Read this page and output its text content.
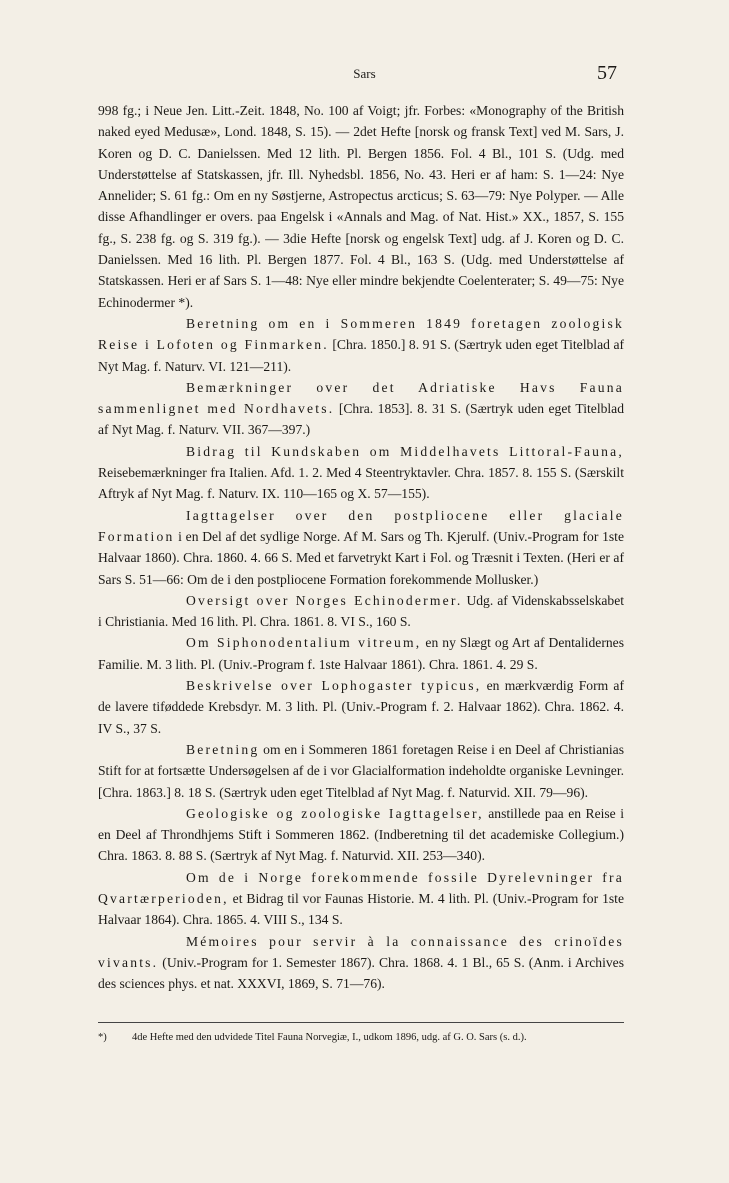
Sars	57

998 fg.; i Neue Jen. Litt.-Zeit. 1848, No. 100 af Voigt; jfr. Forbes: «Monography of the British naked eyed Medusæ», Lond. 1848, S. 15). — 2det Hefte [norsk og fransk Text] ved M. Sars, J. Koren og D. C. Danielssen. Med 12 lith. Pl. Bergen 1856. Fol. 4 Bl., 101 S. (Udg. med Understøttelse af Statskassen, jfr. Ill. Nyhedsbl. 1856, No. 43. Heri er af ham: S. 1—24: Nye Annelider; S. 61 fg.: Om en ny Søstjerne, Astropectus arcticus; S. 63—79: Nye Polyper. — Alle disse Afhandlinger er overs. paa Engelsk i «Annals and Mag. of Nat. Hist.» XX., 1857, S. 155 fg., S. 238 fg. og S. 319 fg.). — 3die Hefte [norsk og engelsk Text] udg. af J. Koren og D. C. Danielssen. Med 16 lith. Pl. Bergen 1877. Fol. 4 Bl., 163 S. (Udg. med Understøttelse af Statskassen. Heri er af Sars S. 1—48: Nye eller mindre bekjendte Coelenterater; S. 49—75: Nye Echinodermer *).

Beretning om en i Sommeren 1849 foretagen zoologisk Reise i Lofoten og Finmarken. [Chra. 1850.] 8. 91 S. (Særtryk uden eget Titelblad af Nyt Mag. f. Naturv. VI. 121—211).

Bemærkninger over det Adriatiske Havs Fauna sammenlignet med Nordhavets. [Chra. 1853]. 8. 31 S. (Særtryk uden eget Titelblad af Nyt Mag. f. Naturv. VII. 367—397.)

Bidrag til Kundskaben om Middelhavets Littoral-Fauna, Reisebemærkninger fra Italien. Afd. 1. 2. Med 4 Steentryktavler. Chra. 1857. 8. 155 S. (Særskilt Aftryk af Nyt Mag. f. Naturv. IX. 110—165 og X. 57—155).

Iagttagelser over den postpliocene eller glaciale Formation i en Del af det sydlige Norge. Af M. Sars og Th. Kjerulf. (Univ.-Program for 1ste Halvaar 1860). Chra. 1860. 4. 66 S. Med et farvetrykt Kart i Fol. og Træsnit i Texten. (Heri er af Sars S. 51—66: Om de i den postpliocene Formation forekommende Mollusker.)

Oversigt over Norges Echinodermer. Udg. af Videnskabsselskabet i Christiania. Med 16 lith. Pl. Chra. 1861. 8. VI S., 160 S.

Om Siphonodentalium vitreum, en ny Slægt og Art af Dentalidernes Familie. M. 3 lith. Pl. (Univ.-Program f. 1ste Halvaar 1861). Chra. 1861. 4. 29 S.

Beskrivelse over Lophogaster typicus, en mærkværdig Form af de lavere tiføddede Krebsdyr. M. 3 lith. Pl. (Univ.-Program f. 2. Halvaar 1862). Chra. 1862. 4. IV S., 37 S.

Beretning om en i Sommeren 1861 foretagen Reise i en Deel af Christianias Stift for at fortsætte Undersøgelsen af de i vor Glacialformation indeholdte organiske Levninger. [Chra. 1863.] 8. 18 S. (Særtryk uden eget Titelblad af Nyt Mag. f. Naturvid. XII. 79—96).

Geologiske og zoologiske Iagttagelser, anstillede paa en Reise i en Deel af Throndhjems Stift i Sommeren 1862. (Indberetning til det academiske Collegium.) Chra. 1863. 8. 88 S. (Særtryk af Nyt Mag. f. Naturvid. XII. 253—340).

Om de i Norge forekommende fossile Dyrelevninger fra Qvartærperioden, et Bidrag til vor Faunas Historie. M. 4 lith. Pl. (Univ.-Program for 1ste Halvaar 1864). Chra. 1865. 4. VIII S., 134 S.

Mémoires pour servir à la connaissance des crinoïdes vivants. (Univ.-Program for 1. Semester 1867). Chra. 1868. 4. 1 Bl., 65 S. (Anm. i Archives des sciences phys. et nat. XXXVI, 1869, S. 71—76).

*) 4de Hefte med den udvidede Titel Fauna Norvegiæ, I., udkom 1896, udg. af G. O. Sars (s. d.).
